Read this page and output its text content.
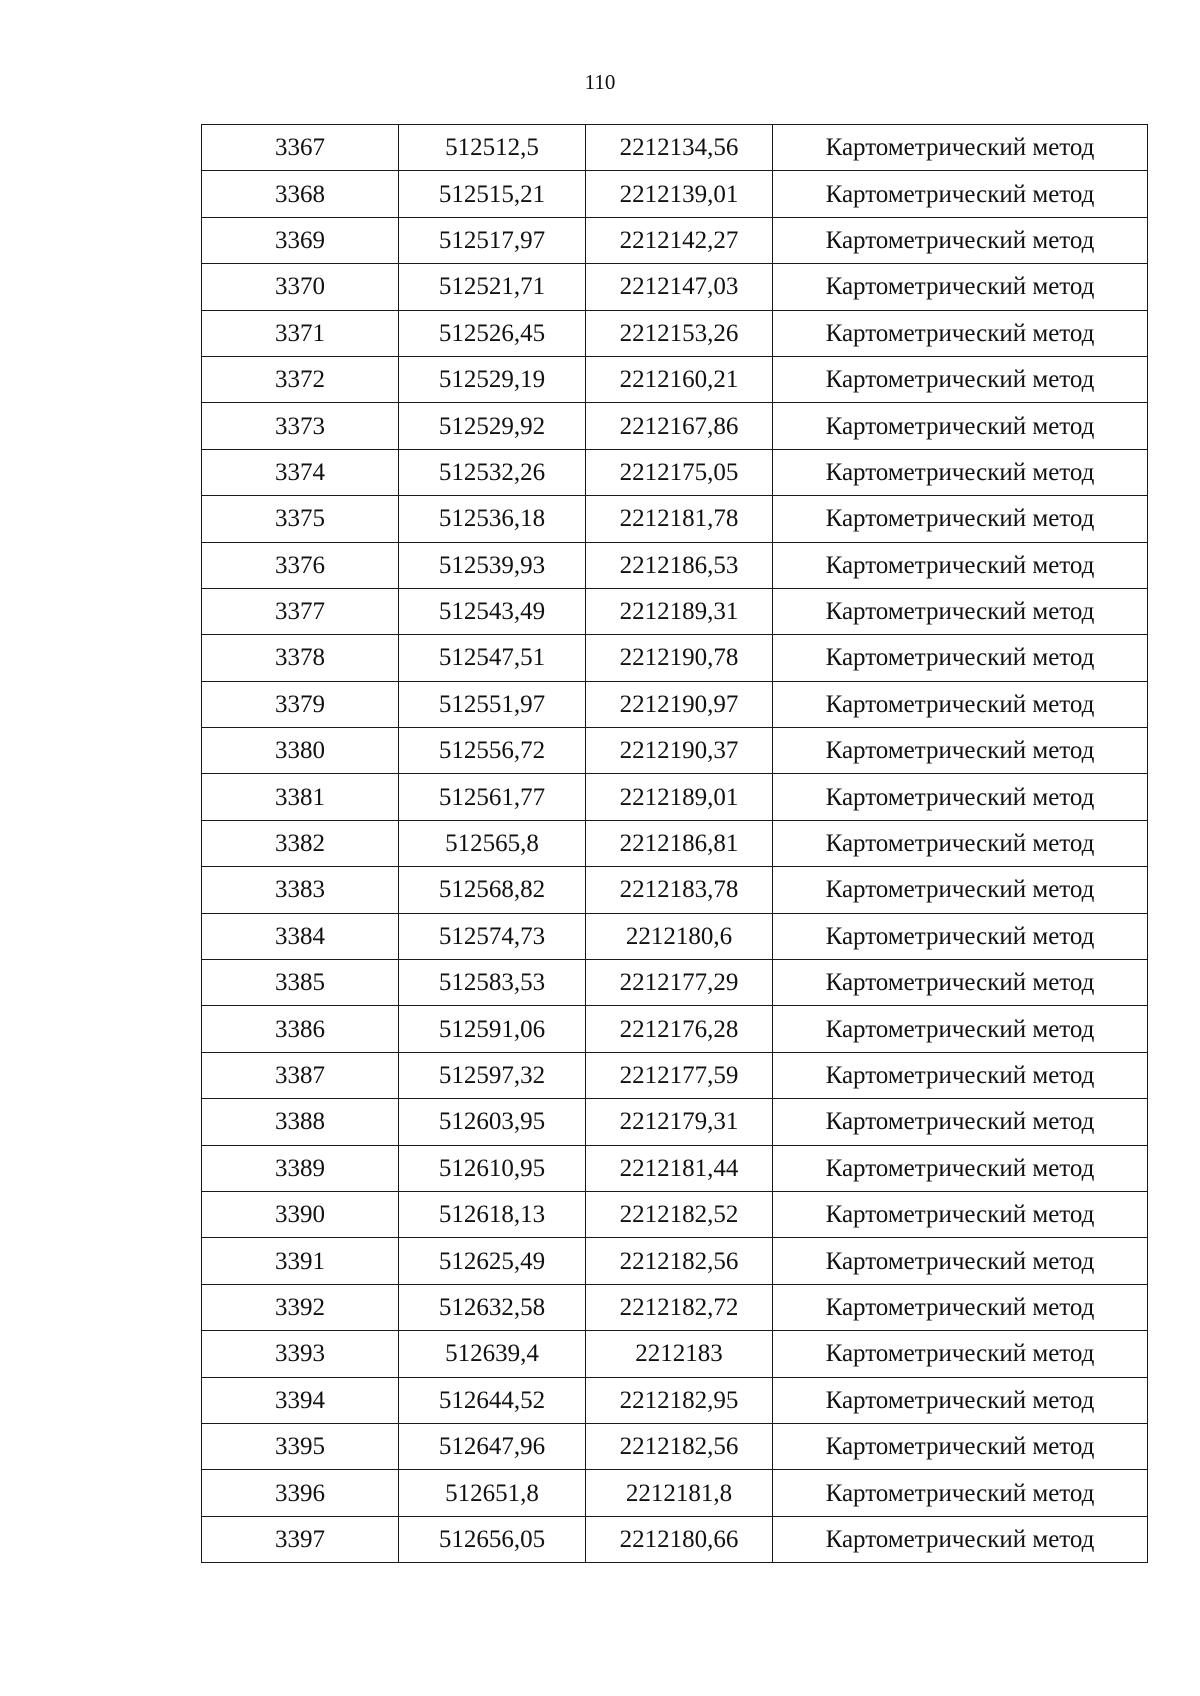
110
3367	512512,5	2212134,56	Картометрический метод
3368	512515,21	2212139,01	Картометрический метод
3369	512517,97	2212142,27	Картометрический метод
3370	512521,71	2212147,03	Картометрический метод
3371	512526,45	2212153,26	Картометрический метод
3372	512529,19	2212160,21	Картометрический метод
3373	512529,92	2212167,86	Картометрический метод
3374	512532,26	2212175,05	Картометрический метод
3375	512536,18	2212181,78	Картометрический метод
3376	512539,93	2212186,53	Картометрический метод
3377	512543,49	2212189,31	Картометрический метод
3378	512547,51	2212190,78	Картометрический метод
3379	512551,97	2212190,97	Картометрический метод
3380	512556,72	2212190,37	Картометрический метод
3381	512561,77	2212189,01	Картометрический метод
3382	512565,8	2212186,81	Картометрический метод
3383	512568,82	2212183,78	Картометрический метод
3384	512574,73	2212180,6	Картометрический метод
3385	512583,53	2212177,29	Картометрический метод
3386	512591,06	2212176,28	Картометрический метод
3387	512597,32	2212177,59	Картометрический метод
3388	512603,95	2212179,31	Картометрический метод
3389	512610,95	2212181,44	Картометрический метод
3390	512618,13	2212182,52	Картометрический метод
3391	512625,49	2212182,56	Картометрический метод
3392	512632,58	2212182,72	Картометрический метод
3393	512639,4	2212183	Картометрический метод
3394	512644,52	2212182,95	Картометрический метод
3395	512647,96	2212182,56	Картометрический метод
3396	512651,8	2212181,8	Картометрический метод
3397	512656,05	2212180,66	Картометрический метод
